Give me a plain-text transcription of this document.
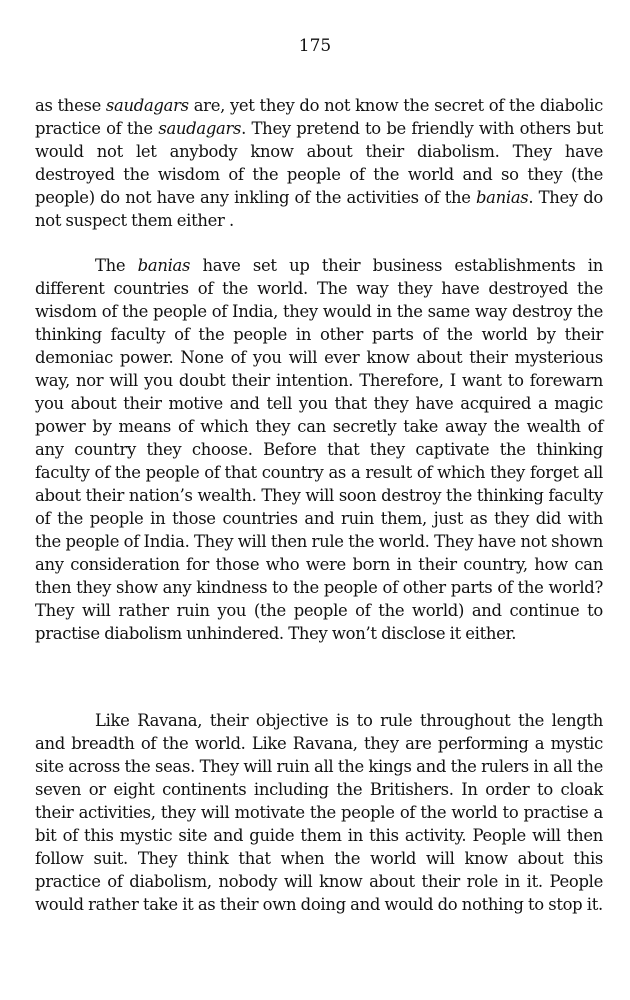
175

as these saudagars are, yet they do not know the secret of the diabolic practice of the saudagars. They pretend to be friendly with others but would not let anybody know about their diabolism. They have destroyed the wisdom of the people of the world and so they (the people) do not have any inkling of the activities of the banias. They do not suspect them either .

The banias have set up their business establishments in different countries of the world. The way they have destroyed the wisdom of the people of India, they would in the same way destroy the thinking faculty of the people in other parts of the world by their demoniac power. None of you will ever know about their mysterious way, nor will you doubt their intention. Therefore, I want to forewarn you about their motive and tell you that they have acquired a magic power by means of which they can secretly take away the wealth of any country they choose. Before that they captivate the thinking faculty of the people of that country as a result of which they forget all about their nation’s wealth. They will soon destroy the thinking faculty of the people in those countries and ruin them, just as they did with the people of India. They will then rule the world. They have not shown any consideration for those who were born in their country, how can then they show any kindness to the people of other parts of the world? They will rather ruin you (the people of the world) and continue to practise diabolism unhindered. They won’t disclose it either.

Like Ravana, their objective is to rule throughout the length and breadth of the world. Like Ravana, they are performing a mystic site across the seas. They will ruin all the kings and the rulers in all the seven or eight continents including the Britishers. In order to cloak their activities, they will motivate the people of the world to practise a bit of this mystic site and guide them in this activity. People will then follow suit. They think that when the world will know about this practice of diabolism, nobody will know about their role in it. People would rather take it as their own doing and would do nothing to stop it.
